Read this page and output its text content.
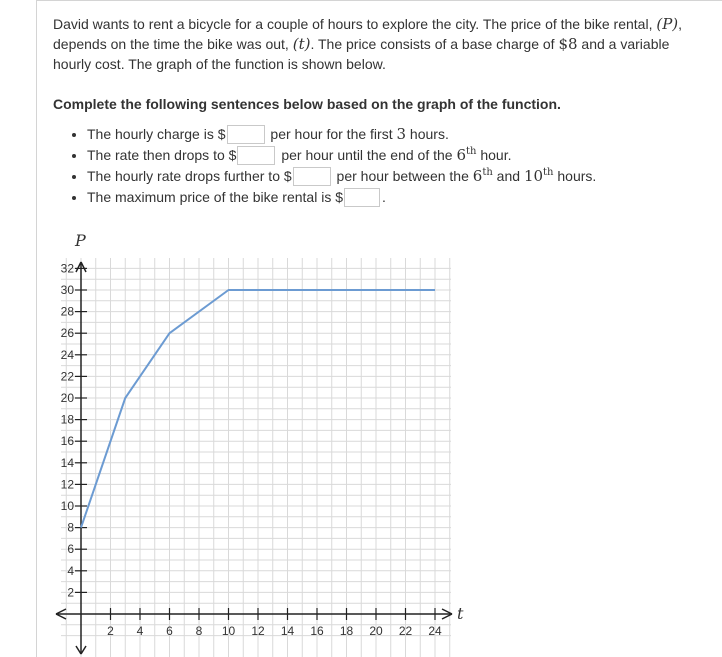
David wants to rent a bicycle for a couple of hours to explore the city. The price of the bike rental, (P), depends on the time the bike was out, (t). The price consists of a base charge of $8 and a variable hourly cost. The graph of the function is shown below.
Complete the following sentences below based on the graph of the function.
• The hourly charge is $	per hour for the first 3 hours.
• The rate then drops to $	per hour until the end of the 6th hour.
• The hourly rate drops further to $	per hour between the 6th and 10th hours.
• The maximum price of the bike rental is $	.
P
t
2 4 6 8 10 12 14 16 18 20 22 24
2
4
6
8
10
12
14
16
18
20
22
24
26
28
30
32
